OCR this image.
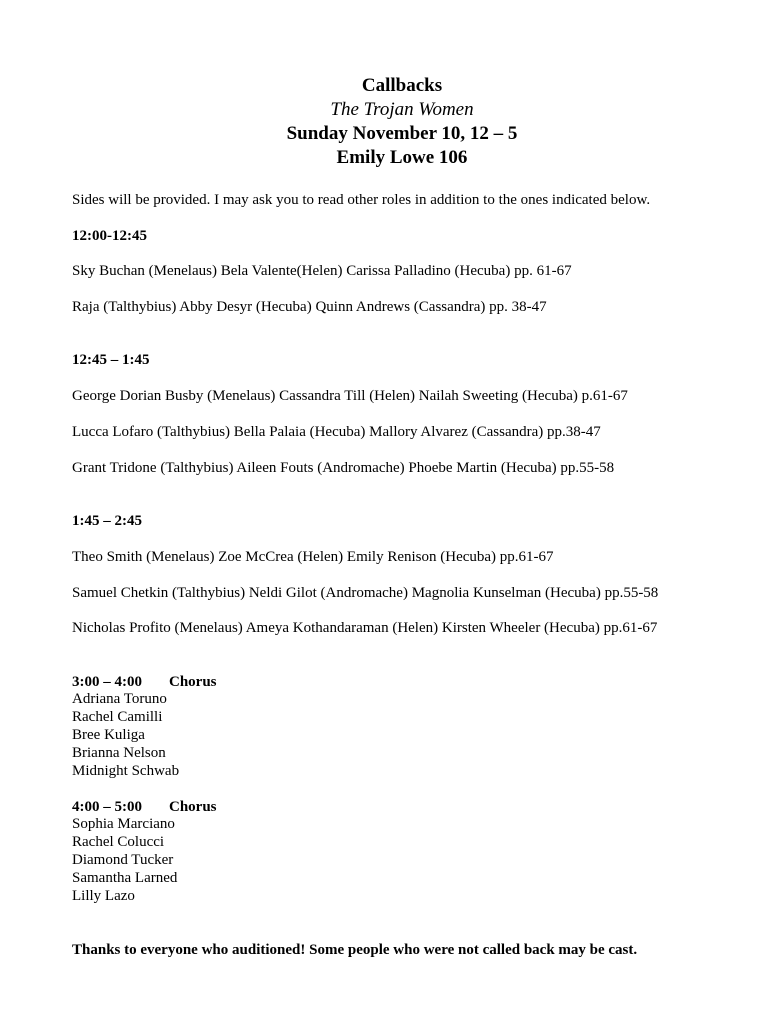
Callbacks
The Trojan Women
Sunday November 10, 12 – 5
Emily Lowe 106
Sides will be provided. I may ask you to read other roles in addition to the ones indicated below.
12:00-12:45
Sky Buchan (Menelaus) Bela Valente(Helen) Carissa Palladino (Hecuba) pp. 61-67
Raja (Talthybius) Abby Desyr (Hecuba) Quinn Andrews (Cassandra) pp. 38-47
12:45 – 1:45
George Dorian Busby (Menelaus) Cassandra Till (Helen) Nailah Sweeting (Hecuba) p.61-67
Lucca Lofaro (Talthybius) Bella Palaia (Hecuba) Mallory Alvarez (Cassandra) pp.38-47
Grant Tridone (Talthybius) Aileen Fouts (Andromache) Phoebe Martin (Hecuba) pp.55-58
1:45 – 2:45
Theo Smith (Menelaus) Zoe McCrea (Helen) Emily Renison (Hecuba) pp.61-67
Samuel Chetkin (Talthybius) Neldi Gilot (Andromache) Magnolia Kunselman (Hecuba) pp.55-58
Nicholas Profito (Menelaus) Ameya Kothandaraman (Helen) Kirsten Wheeler (Hecuba) pp.61-67
3:00 – 4:00	Chorus
Adriana Toruno
Rachel Camilli
Bree Kuliga
Brianna Nelson
Midnight Schwab
4:00 – 5:00	Chorus
Sophia Marciano
Rachel Colucci
Diamond Tucker
Samantha Larned
Lilly Lazo
Thanks to everyone who auditioned! Some people who were not called back may be cast.
